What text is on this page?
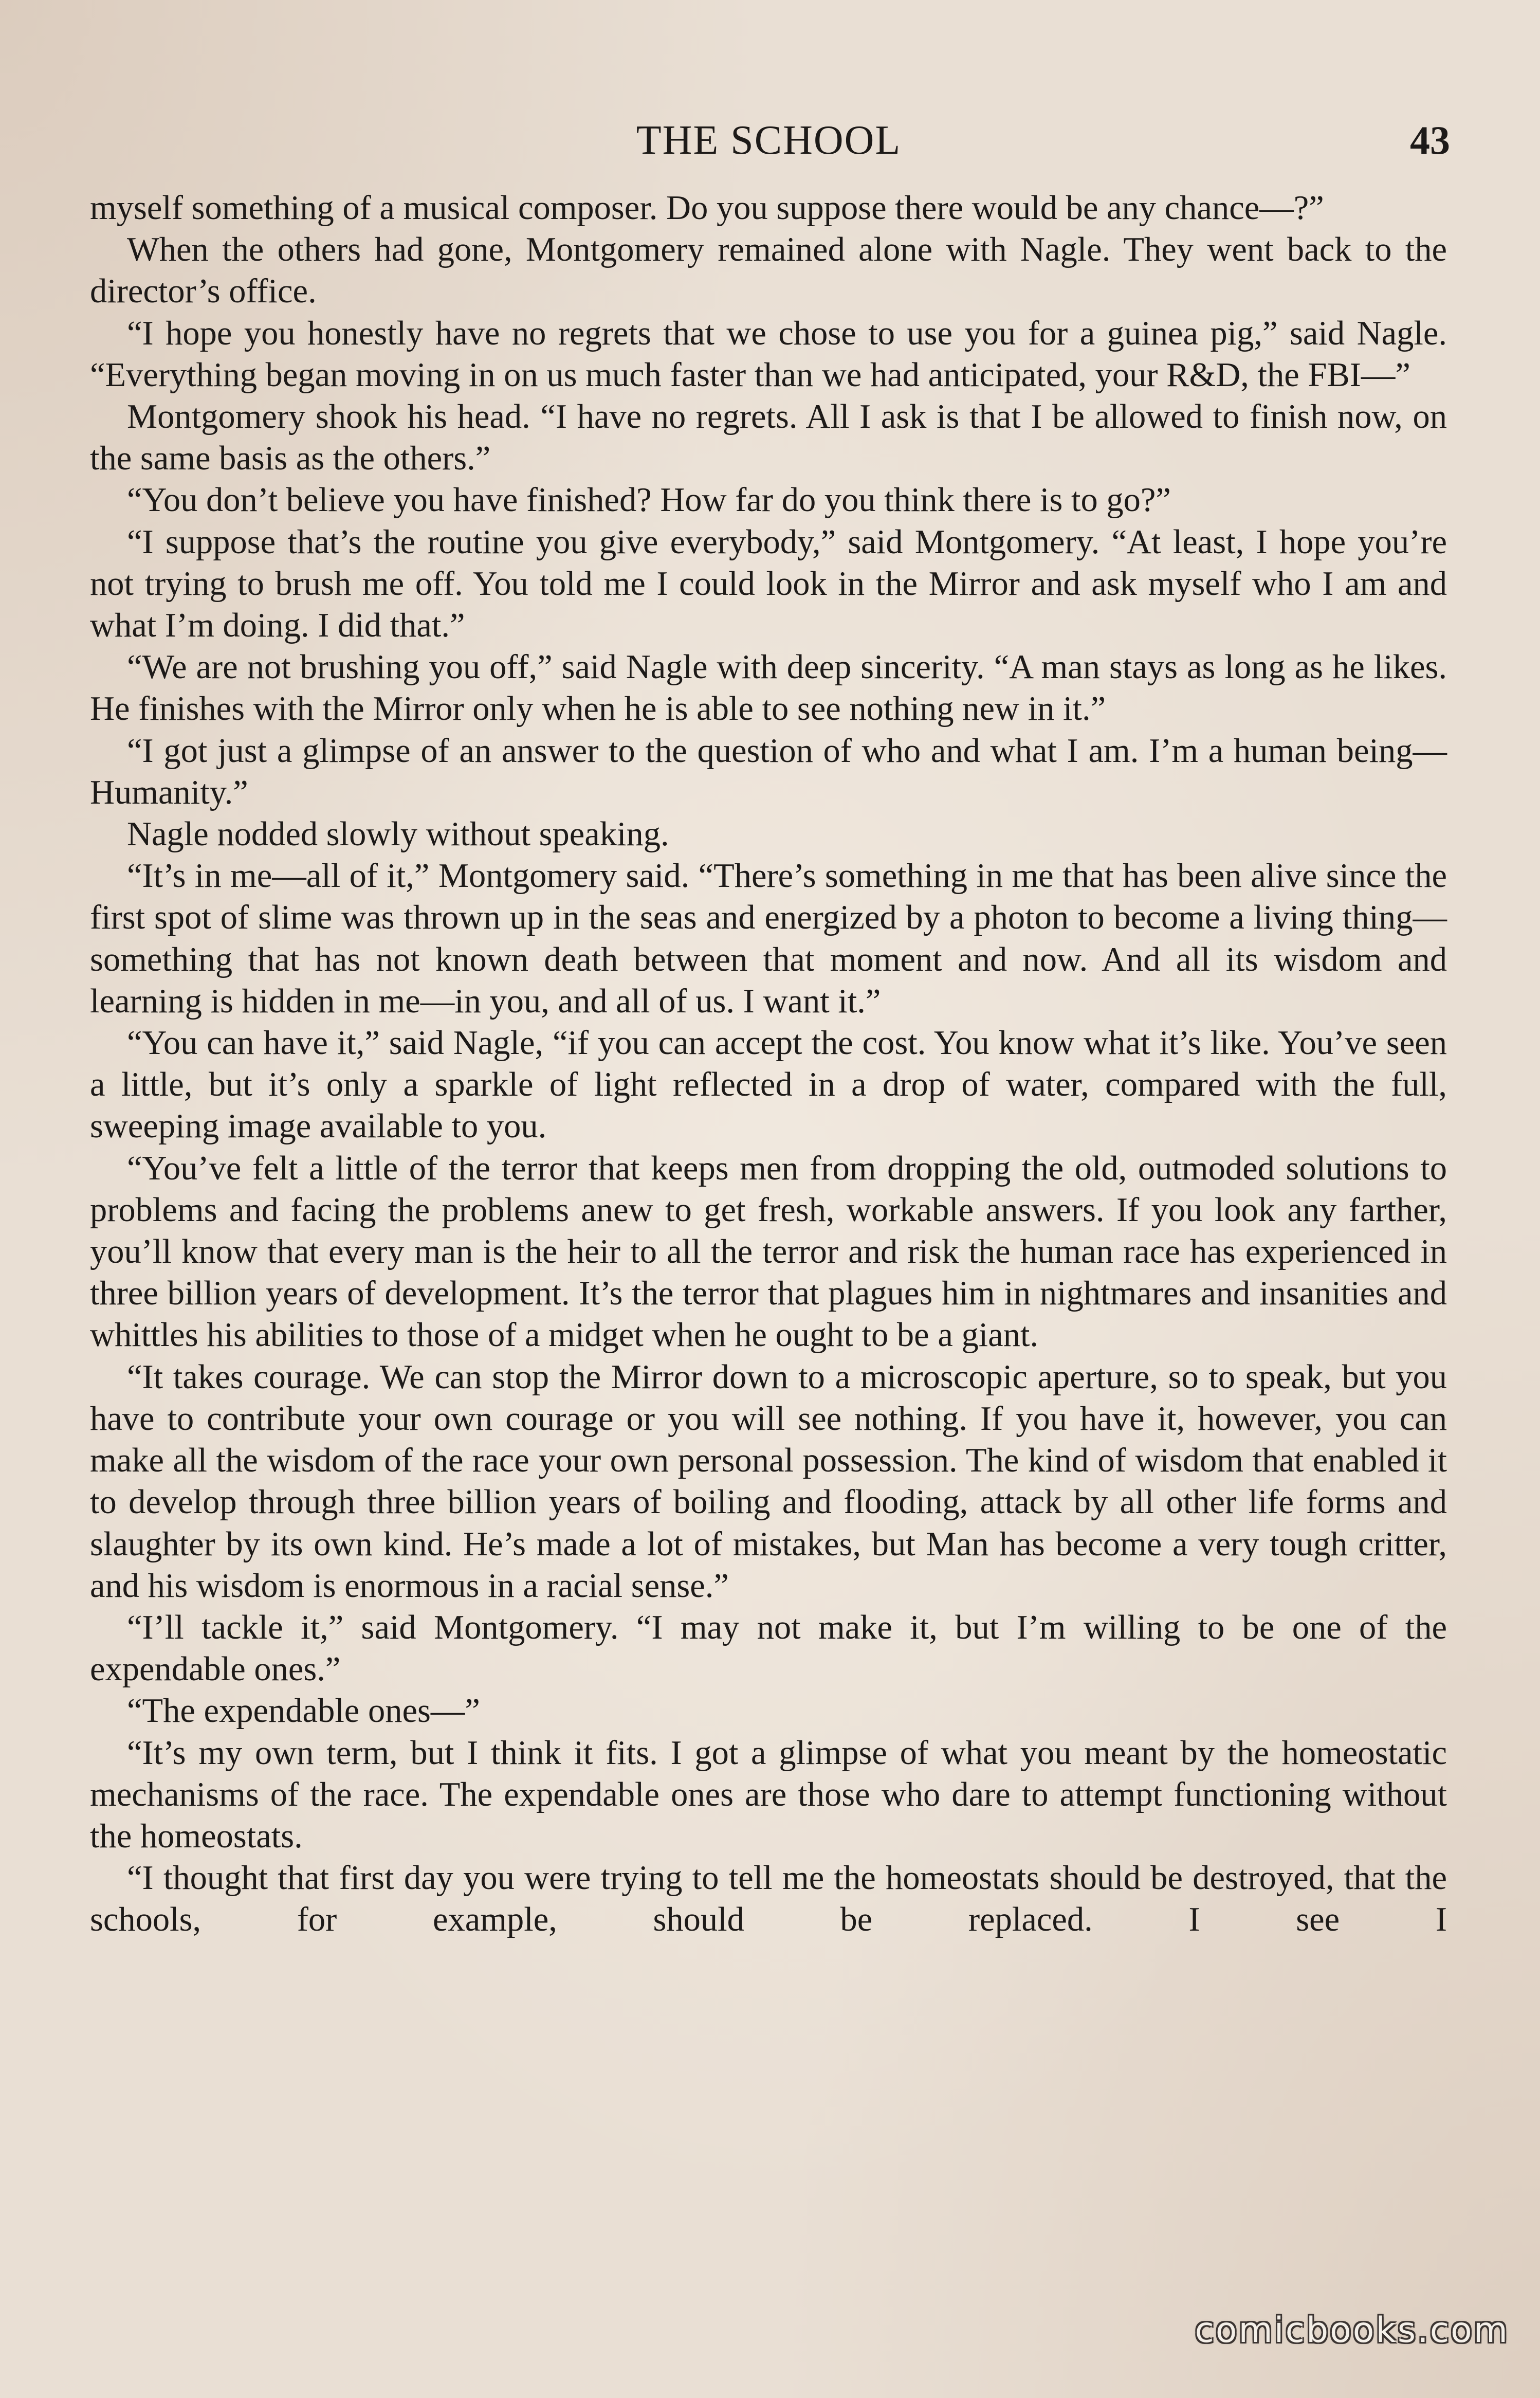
THE SCHOOL	43

myself something of a musical composer. Do you suppose there would be any chance—?”

When the others had gone, Montgomery remained alone with Nagle. They went back to the director’s office.

“I hope you honestly have no regrets that we chose to use you for a guinea pig,” said Nagle. “Everything began moving in on us much faster than we had anticipated, your R&D, the FBI—”

Montgomery shook his head. “I have no regrets. All I ask is that I be allowed to finish now, on the same basis as the others.”

“You don’t believe you have finished? How far do you think there is to go?”

“I suppose that’s the routine you give everybody,” said Montgomery. “At least, I hope you’re not trying to brush me off. You told me I could look in the Mirror and ask myself who I am and what I’m doing. I did that.”

“We are not brushing you off,” said Nagle with deep sincerity. “A man stays as long as he likes. He finishes with the Mirror only when he is able to see nothing new in it.”

“I got just a glimpse of an answer to the question of who and what I am. I’m a human being—Humanity.”

Nagle nodded slowly without speaking.

“It’s in me—all of it,” Montgomery said. “There’s something in me that has been alive since the first spot of slime was thrown up in the seas and energized by a photon to become a living thing—something that has not known death between that moment and now. And all its wisdom and learning is hidden in me—in you, and all of us. I want it.”

“You can have it,” said Nagle, “if you can accept the cost. You know what it’s like. You’ve seen a little, but it’s only a sparkle of light reflected in a drop of water, compared with the full, sweeping image available to you.

“You’ve felt a little of the terror that keeps men from dropping the old, outmoded solutions to problems and facing the problems anew to get fresh, workable answers. If you look any farther, you’ll know that every man is the heir to all the terror and risk the human race has experienced in three billion years of development. It’s the terror that plagues him in nightmares and insanities and whittles his abilities to those of a midget when he ought to be a giant.

“It takes courage. We can stop the Mirror down to a microscopic aperture, so to speak, but you have to contribute your own courage or you will see nothing. If you have it, however, you can make all the wisdom of the race your own personal possession. The kind of wisdom that enabled it to develop through three billion years of boiling and flooding, attack by all other life forms and slaughter by its own kind. He’s made a lot of mistakes, but Man has become a very tough critter, and his wisdom is enormous in a racial sense.”

“I’ll tackle it,” said Montgomery. “I may not make it, but I’m willing to be one of the expendable ones.”

“The expendable ones—”

“It’s my own term, but I think it fits. I got a glimpse of what you meant by the homeostatic mechanisms of the race. The expendable ones are those who dare to attempt functioning without the homeostats.

“I thought that first day you were trying to tell me the homeostats should be destroyed, that the schools, for example, should be replaced. I see I

comicbooks.com
